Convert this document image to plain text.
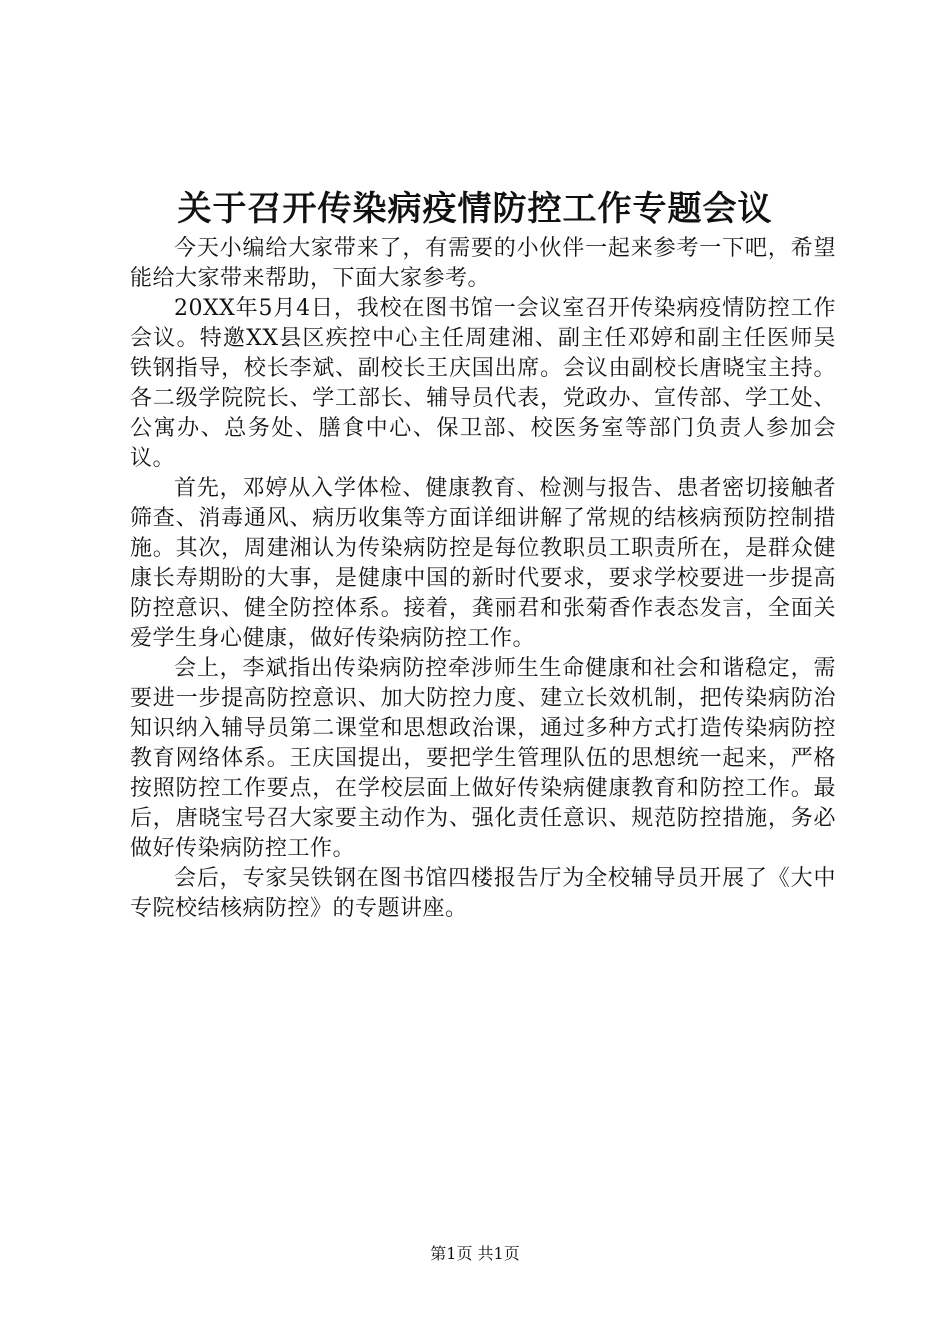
关于召开传染病疫情防控工作专题会议

今天小编给大家带来了，有需要的小伙伴一起来参考一下吧，希望能给大家带来帮助，下面大家参考。

20XX年5月4日，我校在图书馆一会议室召开传染病疫情防控工作会议。特邀XX县区疾控中心主任周建湘、副主任邓婷和副主任医师吴铁钢指导，校长李斌、副校长王庆国出席。会议由副校长唐晓宝主持。各二级学院院长、学工部长、辅导员代表，党政办、宣传部、学工处、公寓办、总务处、膳食中心、保卫部、校医务室等部门负责人参加会议。

首先，邓婷从入学体检、健康教育、检测与报告、患者密切接触者筛查、消毒通风、病历收集等方面详细讲解了常规的结核病预防控制措施。其次，周建湘认为传染病防控是每位教职员工职责所在，是群众健康长寿期盼的大事，是健康中国的新时代要求，要求学校要进一步提高防控意识、健全防控体系。接着，龚丽君和张菊香作表态发言，全面关爱学生身心健康，做好传染病防控工作。

会上，李斌指出传染病防控牵涉师生生命健康和社会和谐稳定，需要进一步提高防控意识、加大防控力度、建立长效机制，把传染病防治知识纳入辅导员第二课堂和思想政治课，通过多种方式打造传染病防控教育网络体系。王庆国提出，要把学生管理队伍的思想统一起来，严格按照防控工作要点，在学校层面上做好传染病健康教育和防控工作。最后，唐晓宝号召大家要主动作为、强化责任意识、规范防控措施，务必做好传染病防控工作。

会后，专家吴铁钢在图书馆四楼报告厅为全校辅导员开展了《大中专院校结核病防控》的专题讲座。

第1页 共1页
